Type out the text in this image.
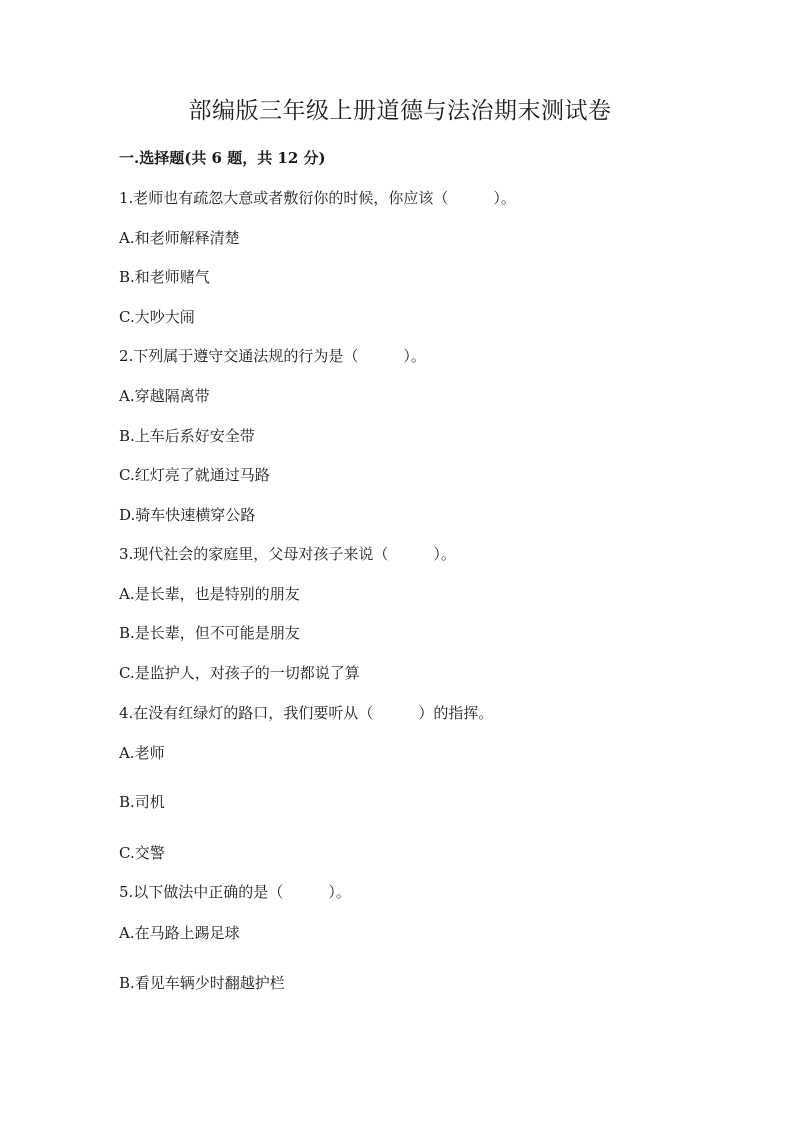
部编版三年级上册道德与法治期末测试卷
一.选择题(共 6 题，共 12 分)
1.老师也有疏忽大意或者敷衍你的时候，你应该（　　　）。
A.和老师解释清楚
B.和老师赌气
C.大吵大闹
2.下列属于遵守交通法规的行为是（　　　）。
A.穿越隔离带
B.上车后系好安全带
C.红灯亮了就通过马路
D.骑车快速横穿公路
3.现代社会的家庭里，父母对孩子来说（　　　）。
A.是长辈，也是特别的朋友
B.是长辈，但不可能是朋友
C.是监护人，对孩子的一切都说了算
4.在没有红绿灯的路口，我们要听从（　　　）的指挥。
A.老师
B.司机
C.交警
5.以下做法中正确的是（　　　）。
A.在马路上踢足球
B.看见车辆少时翻越护栏
